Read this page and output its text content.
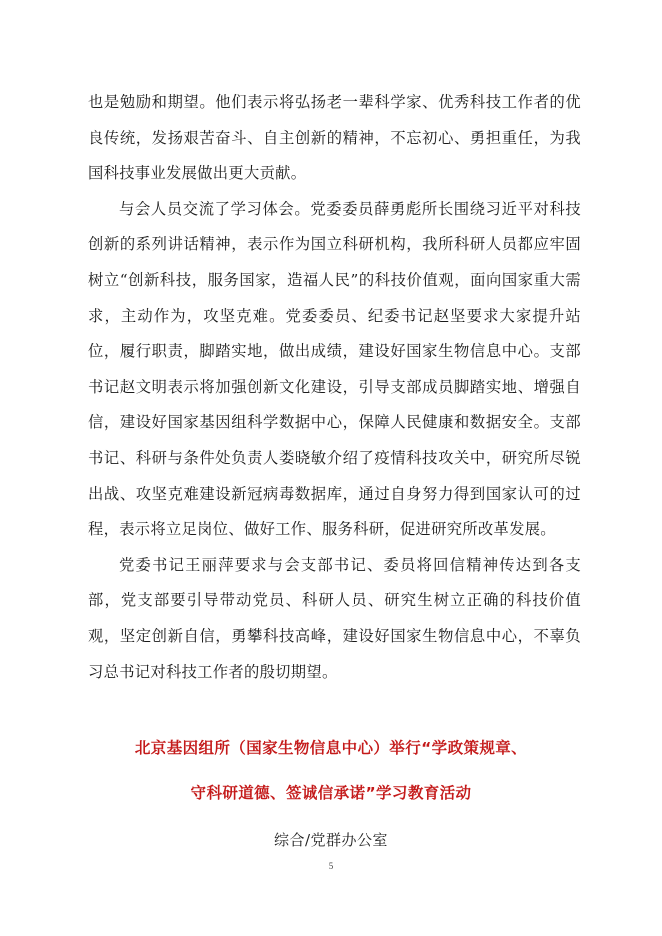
也是勉励和期望。他们表示将弘扬老一辈科学家、优秀科技工作者的优良传统，发扬艰苦奋斗、自主创新的精神，不忘初心、勇担重任，为我国科技事业发展做出更大贡献。

与会人员交流了学习体会。党委委员薛勇彪所长围绕习近平对科技创新的系列讲话精神，表示作为国立科研机构，我所科研人员都应牢固树立“创新科技，服务国家，造福人民”的科技价值观，面向国家重大需求，主动作为，攻坚克难。党委委员、纪委书记赵坚要求大家提升站位，履行职责，脚踏实地，做出成绩，建设好国家生物信息中心。支部书记赵文明表示将加强创新文化建设，引导支部成员脚踏实地、增强自信，建设好国家基因组科学数据中心，保障人民健康和数据安全。支部书记、科研与条件处负责人娄晓敏介绍了疫情科技攻关中，研究所尽锐出战、攻坚克难建设新冠病毒数据库，通过自身努力得到国家认可的过程，表示将立足岗位、做好工作、服务科研，促进研究所改革发展。

党委书记王丽萍要求与会支部书记、委员将回信精神传达到各支部，党支部要引导带动党员、科研人员、研究生树立正确的科技价值观，坚定创新自信，勇攀科技高峰，建设好国家生物信息中心，不辜负习总书记对科技工作者的殷切期望。

北京基因组所（国家生物信息中心）举行“学政策规章、
守科研道德、签诚信承诺”学习教育活动
综合/党群办公室
5
